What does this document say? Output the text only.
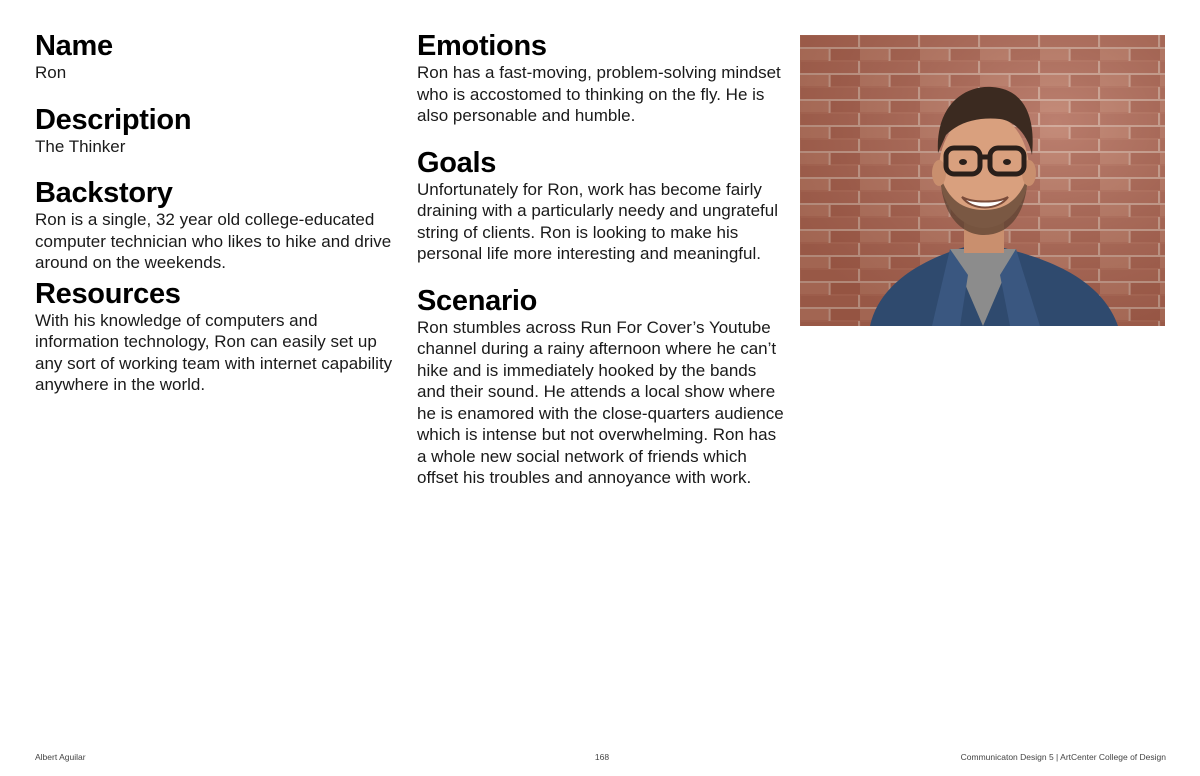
Name

Ron

Description

The Thinker

Backstory

Ron is a single, 32 year old college-educated computer technician who likes to hike and drive around on the weekends.

Resources

With his knowledge of computers and information technology, Ron can easily set up any sort of working team with internet capability anywhere in the world.

Emotions

Ron has a fast-moving, problem-solving mindset who is accostomed to thinking on the fly. He is also personable and humble.

Goals

Unfortunately for Ron, work has become fairly draining with a particularly needy and ungrateful string of clients. Ron is looking to make his personal life more interesting and meaningful.

Scenario

Ron stumbles across Run For Cover’s Youtube channel during a rainy afternoon where he can’t hike and is immediately hooked by the bands and their sound. He attends a local show where he is enamored with the close-quarters audience which is intense but not overwhelming. Ron has a whole new social network of friends which offset his troubles and annoyance with work.

Albert Aguilar	168	Communicaton Design 5 | ArtCenter College of Design
